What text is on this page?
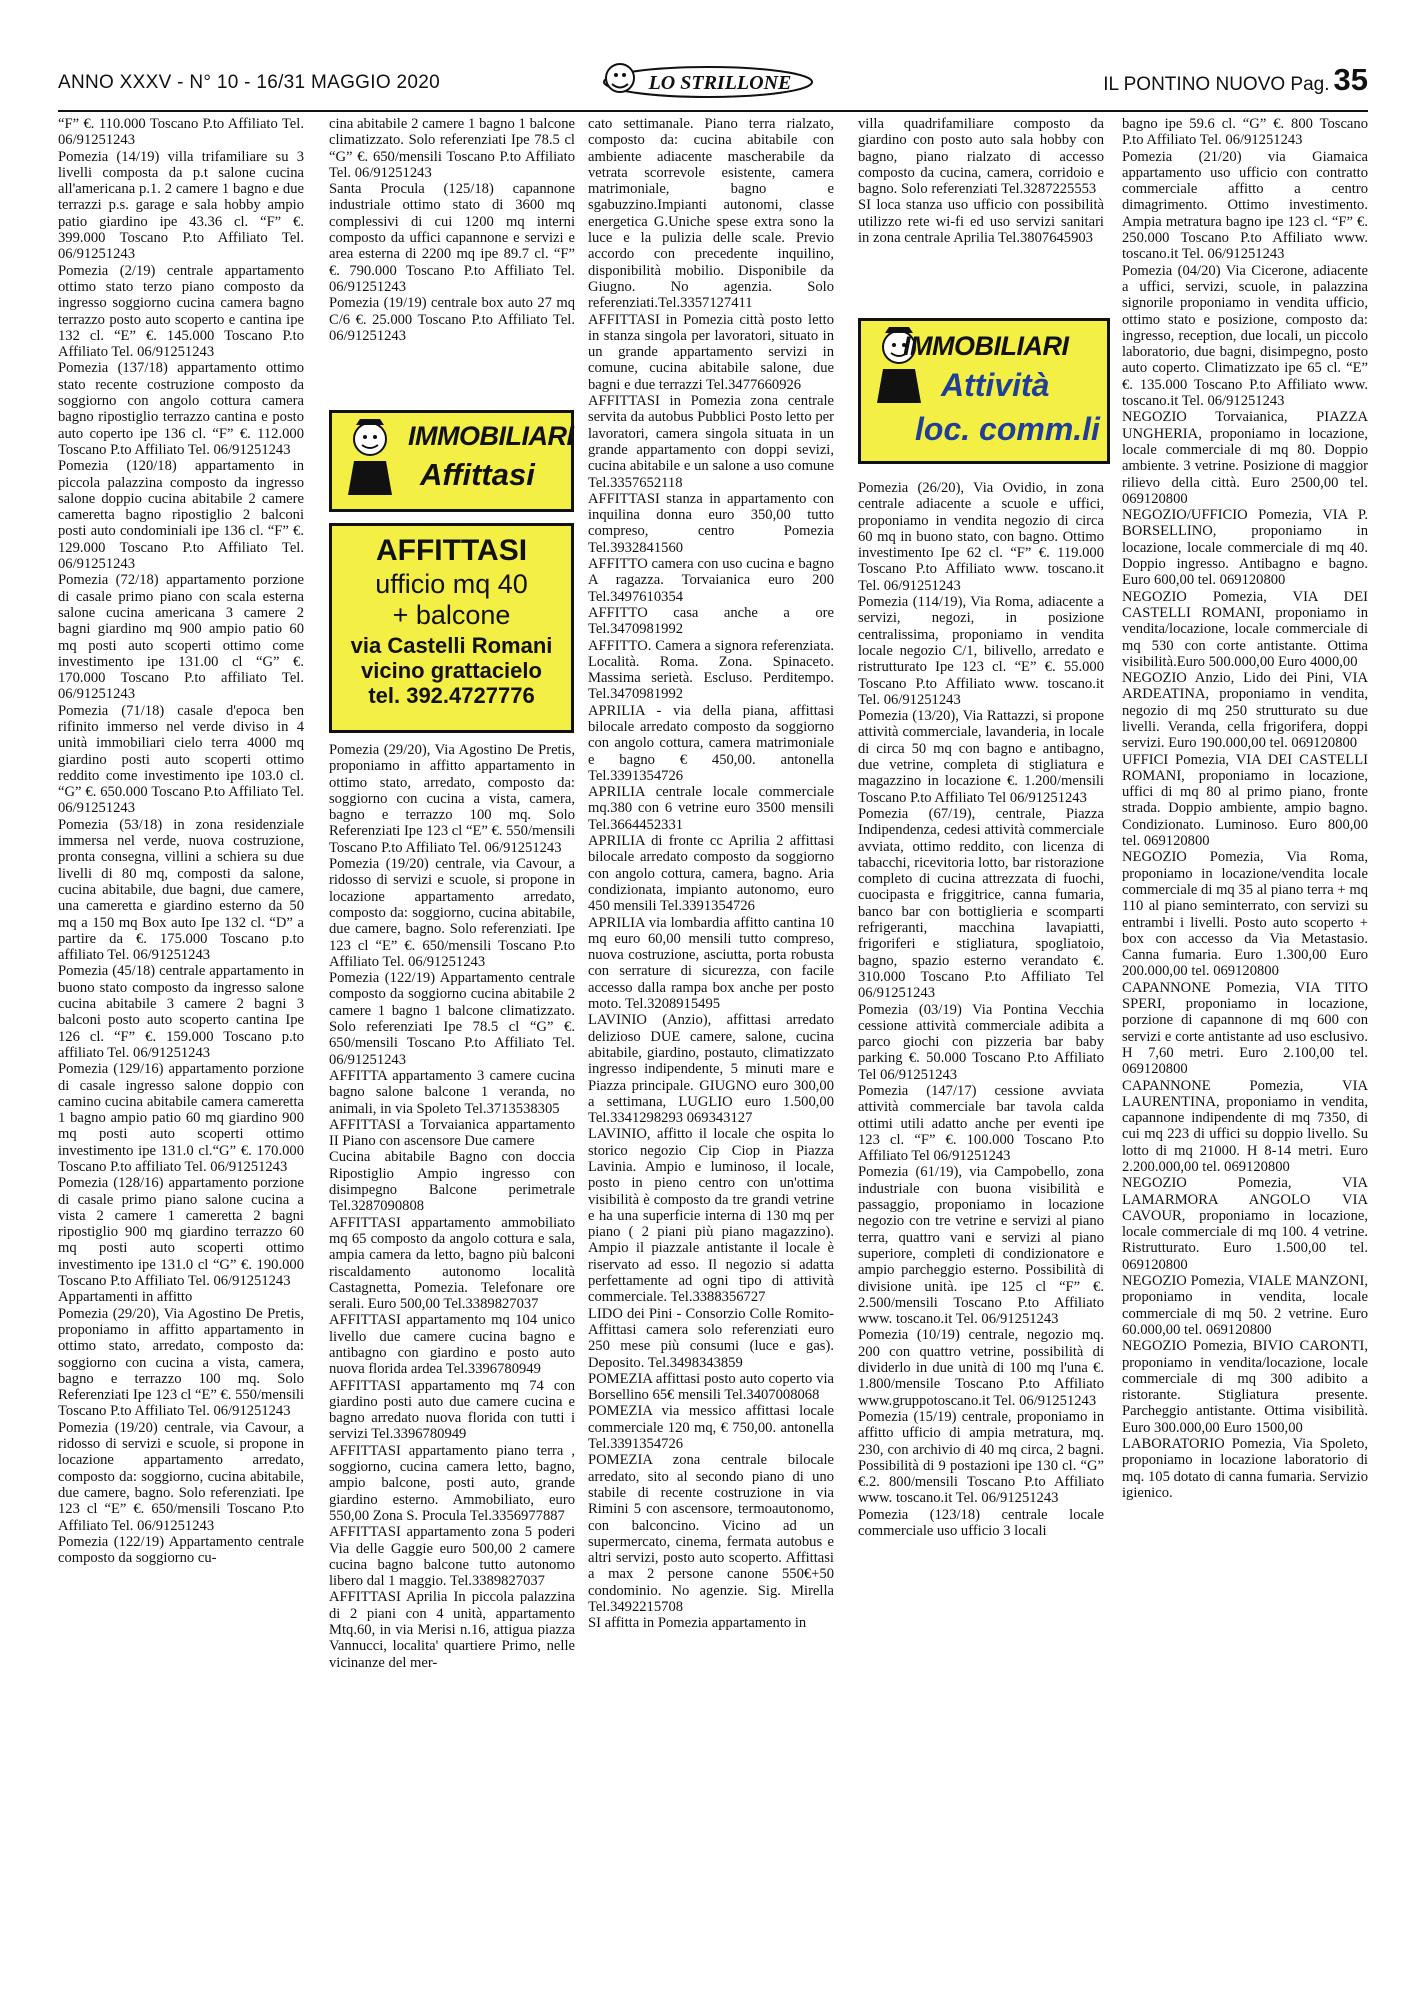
ANNO XXXV - N° 10 - 16/31 MAGGIO 2020	LO STRILLONE	IL PONTINO NUOVO Pag. 35

“F” €. 110.000 Toscano P.to Affiliato Tel. 06/91251243

Pomezia (14/19) villa trifamiliare su 3 livelli composta da p.t salone cucina all'americana p.1. 2 camere 1 bagno e due terrazzi p.s. garage e sala hobby ampio patio giardino ipe 43.36 cl. “F” €. 399.000 Toscano P.to Affiliato Tel. 06/91251243

Pomezia (2/19) centrale appartamento ottimo stato terzo piano composto da ingresso soggiorno cucina camera bagno terrazzo posto auto scoperto e cantina ipe 132 cl. “E” €. 145.000 Toscano P.to Affiliato Tel. 06/91251243

Pomezia (137/18) appartamento ottimo stato recente costruzione composto da soggiorno con angolo cottura camera bagno ripostiglio terrazzo cantina e posto auto coperto ipe 136 cl. “F” €. 112.000 Toscano P.to Affiliato Tel. 06/91251243

Pomezia (120/18) appartamento in piccola palazzina composto da ingresso salone doppio cucina abitabile 2 camere cameretta bagno ripostiglio 2 balconi posti auto condominiali ipe 136 cl. “F” €. 129.000 Toscano P.to Affiliato Tel. 06/91251243

Pomezia (72/18) appartamento porzione di casale primo piano con scala esterna salone cucina americana 3 camere 2 bagni giardino mq 900 ampio patio 60 mq posti auto scoperti ottimo come investimento ipe 131.00 cl “G” €. 170.000 Toscano P.to affiliato Tel. 06/91251243

Pomezia (71/18) casale d'epoca ben rifinito immerso nel verde diviso in 4 unità immobiliari cielo terra 4000 mq giardino posti auto scoperti ottimo reddito come investimento ipe 103.0 cl. “G” €. 650.000 Toscano P.to Affiliato Tel. 06/91251243

Pomezia (53/18) in zona residenziale immersa nel verde, nuova costruzione, pronta consegna, villini a schiera su due livelli di 80 mq, composti da salone, cucina abitabile, due bagni, due camere, una cameretta e giardino esterno da 50 mq a 150 mq Box auto Ipe 132 cl. “D” a partire da €. 175.000 Toscano p.to affiliato Tel. 06/91251243

Pomezia (45/18) centrale appartamento in buono stato composto da ingresso salone cucina abitabile 3 camere 2 bagni 3 balconi posto auto scoperto cantina Ipe 126 cl. “F” €. 159.000 Toscano p.to affiliato Tel. 06/91251243

Pomezia (129/16) appartamento porzione di casale ingresso salone doppio con camino cucina abitabile camera cameretta 1 bagno ampio patio 60 mq giardino 900 mq posti auto scoperti ottimo investimento ipe 131.0 cl.“G” €. 170.000 Toscano P.to affiliato Tel. 06/91251243

Pomezia (128/16) appartamento porzione di casale primo piano salone cucina a vista 2 camere 1 cameretta 2 bagni ripostiglio 900 mq giardino terrazzo 60 mq posti auto scoperti ottimo investimento ipe 131.0 cl “G” €. 190.000 Toscano P.to Affiliato Tel. 06/91251243

Appartamenti in affitto

Pomezia (29/20), Via Agostino De Pretis, proponiamo in affitto appartamento in ottimo stato, arredato, composto da: soggiorno con cucina a vista, camera, bagno e terrazzo 100 mq. Solo Referenziati Ipe 123 cl “E” €. 550/mensili Toscano P.to Affiliato Tel. 06/91251243

Pomezia (19/20) centrale, via Cavour, a ridosso di servizi e scuole, si propone in locazione appartamento arredato, composto da: soggiorno, cucina abitabile, due camere, bagno. Solo referenziati. Ipe 123 cl “E” €. 650/mensili Toscano P.to Affiliato Tel. 06/91251243

Pomezia (122/19) Appartamento centrale composto da soggiorno cu-

cina abitabile 2 camere 1 bagno 1 balcone climatizzato. Solo referenziati Ipe 78.5 cl “G” €. 650/mensili Toscano P.to Affiliato Tel. 06/91251243

Santa Procula (125/18) capannone industriale ottimo stato di 3600 mq complessivi di cui 1200 mq interni composto da uffici capannone e servizi e area esterna di 2200 mq ipe 89.7 cl. “F” €. 790.000 Toscano P.to Affiliato Tel. 06/91251243

Pomezia (19/19) centrale box auto 27 mq C/6 €. 25.000 Toscano P.to Affiliato Tel. 06/91251243

IMMOBILIARI
Affittasi
AFFITTASI
ufficio mq 40
+ balcone
via Castelli Romani
vicino grattacielo
tel. 392.4727776

Pomezia (29/20), Via Agostino De Pretis, proponiamo in affitto appartamento in ottimo stato, arredato, composto da: soggiorno con cucina a vista, camera, bagno e terrazzo 100 mq. Solo Referenziati Ipe 123 cl “E” €. 550/mensili Toscano P.to Affiliato Tel. 06/91251243

Pomezia (19/20) centrale, via Cavour, a ridosso di servizi e scuole, si propone in locazione appartamento arredato, composto da: soggiorno, cucina abitabile, due camere, bagno. Solo referenziati. Ipe 123 cl “E” €. 650/mensili Toscano P.to Affiliato Tel. 06/91251243

Pomezia (122/19) Appartamento centrale composto da soggiorno cucina abitabile 2 camere 1 bagno 1 balcone climatizzato. Solo referenziati Ipe 78.5 cl “G” €. 650/mensili Toscano P.to Affiliato Tel. 06/91251243

AFFITTA appartamento 3 camere cucina bagno salone balcone 1 veranda, no animali, in via Spoleto Tel.3713538305

AFFITTASI a Torvaianica appartamento II Piano con ascensore Due camere

Cucina abitabile Bagno con doccia Ripostiglio Ampio ingresso con disimpegno Balcone perimetrale Tel.3287090808

AFFITTASI appartamento ammobiliato mq 65 composto da angolo cottura e sala, ampia camera da letto, bagno più balconi riscaldamento autonomo località Castagnetta, Pomezia. Telefonare ore serali. Euro 500,00 Tel.3389827037

AFFITTASI appartamento mq 104 unico livello due camere cucina bagno e antibagno con giardino e posto auto nuova florida ardea Tel.3396780949

AFFITTASI appartamento mq 74 con giardino posti auto due camere cucina e bagno arredato nuova florida con tutti i servizi Tel.3396780949

AFFITTASI appartamento piano terra , soggiorno, cucina camera letto, bagno, ampio balcone, posti auto, grande giardino esterno. Ammobiliato, euro 550,00 Zona S. Procula Tel.3356977887

AFFITTASI appartamento zona 5 poderi Via delle Gaggie euro 500,00 2 camere cucina bagno balcone tutto autonomo libero dal 1 maggio. Tel.3389827037

AFFITTASI Aprilia In piccola palazzina di 2 piani con 4 unità, appartamento Mtq.60, in via Merisi n.16, attigua piazza Vannucci, localita' quartiere Primo, nelle vicinanze del mer-

cato settimanale. Piano terra rialzato, composto da: cucina abitabile con ambiente adiacente mascherabile da vetrata scorrevole esistente, camera matrimoniale, bagno e sgabuzzino.Impianti autonomi, classe energetica G.Uniche spese extra sono la luce e la pulizia delle scale. Previo accordo con precedente inquilino, disponibilità mobilio. Disponibile da Giugno. No agenzia. Solo referenziati.Tel.3357127411

AFFITTASI in Pomezia città posto letto in stanza singola per lavoratori, situato in un grande appartamento servizi in comune, cucina abitabile salone, due bagni e due terrazzi Tel.3477660926

AFFITTASI in Pomezia zona centrale servita da autobus Pubblici Posto letto per lavoratori, camera singola situata in un grande appartamento con doppi sevizi, cucina abitabile e un salone a uso comune Tel.3357652118

AFFITTASI stanza in appartamento con inquilina donna euro 350,00 tutto compreso, centro Pomezia Tel.3932841560

AFFITTO camera con uso cucina e bagno A ragazza. Torvaianica euro 200 Tel.3497610354

AFFITTO casa anche a ore Tel.3470981992

AFFITTO. Camera a signora referenziata. Località. Roma. Zona. Spinaceto. Massima serietà. Escluso. Perditempo. Tel.3470981992

APRILIA - via della piana, affittasi bilocale arredato composto da soggiorno con angolo cottura, camera matrimoniale e bagno € 450,00. antonella Tel.3391354726

APRILIA centrale locale commerciale mq.380 con 6 vetrine euro 3500 mensili Tel.3664452331

APRILIA di fronte cc Aprilia 2 affittasi bilocale arredato composto da soggiorno con angolo cottura, camera, bagno. Aria condizionata, impianto autonomo, euro 450 mensili Tel.3391354726

APRILIA via lombardia affitto cantina 10 mq euro 60,00 mensili tutto compreso, nuova costruzione, asciutta, porta robusta con serrature di sicurezza, con facile accesso dalla rampa box anche per posto moto. Tel.3208915495

LAVINIO (Anzio), affittasi arredato delizioso DUE camere, salone, cucina abitabile, giardino, postauto, climatizzato ingresso indipendente, 5 minuti mare e Piazza principale. GIUGNO euro 300,00 a settimana, LUGLIO euro 1.500,00 Tel.3341298293 069343127

LAVINIO, affitto il locale che ospita lo storico negozio Cip Ciop in Piazza Lavinia. Ampio e luminoso, il locale, posto in pieno centro con un'ottima visibilità è composto da tre grandi vetrine e ha una superficie interna di 130 mq per piano ( 2 piani più piano magazzino). Ampio il piazzale antistante il locale è riservato ad esso. Il negozio si adatta perfettamente ad ogni tipo di attività commerciale. Tel.3388356727

LIDO dei Pini - Consorzio Colle Romito- Affittasi camera solo referenziati euro 250 mese più consumi (luce e gas). Deposito. Tel.3498343859

POMEZIA affittasi posto auto coperto via Borsellino 65€ mensili Tel.3407008068

POMEZIA via messico affittasi locale commerciale 120 mq, € 750,00. antonella Tel.3391354726

POMEZIA zona centrale bilocale arredato, sito al secondo piano di uno stabile di recente costruzione in via Rimini 5 con ascensore, termoautonomo, con balconcino. Vicino ad un supermercato, cinema, fermata autobus e altri servizi, posto auto scoperto. Affittasi a max 2 persone canone 550€+50 condominio. No agenzie. Sig. Mirella Tel.3492215708

SI affitta in Pomezia appartamento in

villa quadrifamiliare composto da giardino con posto auto sala hobby con bagno, piano rialzato di accesso composto da cucina, camera, corridoio e bagno. Solo referenziati Tel.3287225553

SI loca stanza uso ufficio con possibilità utilizzo rete wi-fi ed uso servizi sanitari in zona centrale Aprilia Tel.3807645903

IMMOBILIARI
Attività
loc. comm.li

Pomezia (26/20), Via Ovidio, in zona centrale adiacente a scuole e uffici, proponiamo in vendita negozio di circa 60 mq in buono stato, con bagno. Ottimo investimento Ipe 62 cl. “F” €. 119.000 Toscano P.to Affiliato www. toscano.it Tel. 06/91251243

Pomezia (114/19), Via Roma, adiacente a servizi, negozi, in posizione centralissima, proponiamo in vendita locale negozio C/1, bilivello, arredato e ristrutturato Ipe 123 cl. “E” €. 55.000 Toscano P.to Affiliato www. toscano.it Tel. 06/91251243

Pomezia (13/20), Via Rattazzi, si propone attività commerciale, lavanderia, in locale di circa 50 mq con bagno e antibagno, due vetrine, completa di stigliatura e magazzino in locazione €. 1.200/mensili Toscano P.to Affiliato Tel 06/91251243

Pomezia (67/19), centrale, Piazza Indipendenza, cedesi attività commerciale avviata, ottimo reddito, con licenza di tabacchi, ricevitoria lotto, bar ristorazione completo di cucina attrezzata di fuochi, cuocipasta e friggitrice, canna fumaria, banco bar con bottiglieria e scomparti refrigeranti, macchina lavapiatti, frigoriferi e stigliatura, spogliatoio, bagno, spazio esterno verandato €. 310.000 Toscano P.to Affiliato Tel 06/91251243

Pomezia (03/19) Via Pontina Vecchia cessione attività commerciale adibita a parco giochi con pizzeria bar baby parking €. 50.000 Toscano P.to Affiliato Tel 06/91251243

Pomezia (147/17) cessione avviata attività commerciale bar tavola calda ottimi utili adatto anche per eventi ipe 123 cl. “F” €. 100.000 Toscano P.to Affiliato Tel 06/91251243

Pomezia (61/19), via Campobello, zona industriale con buona visibilità e passaggio, proponiamo in locazione negozio con tre vetrine e servizi al piano terra, quattro vani e servizi al piano superiore, completi di condizionatore e ampio parcheggio esterno. Possibilità di divisione unità. ipe 125 cl “F” €. 2.500/mensili Toscano P.to Affiliato www. toscano.it Tel. 06/91251243

Pomezia (10/19) centrale, negozio mq. 200 con quattro vetrine, possibilità di dividerlo in due unità di 100 mq l'una €. 1.800/mensile Toscano P.to Affiliato www.gruppotoscano.it Tel. 06/91251243

Pomezia (15/19) centrale, proponiamo in affitto ufficio di ampia metratura, mq. 230, con archivio di 40 mq circa, 2 bagni. Possibilità di 9 postazioni ipe 130 cl. “G” €.2. 800/mensili Toscano P.to Affiliato www. toscano.it Tel. 06/91251243

Pomezia (123/18) centrale locale commerciale uso ufficio 3 locali

bagno ipe 59.6 cl. “G” €. 800 Toscano P.to Affiliato Tel. 06/91251243

Pomezia (21/20) via Giamaica appartamento uso ufficio con contratto commerciale affitto a centro dimagrimento. Ottimo investimento. Ampia metratura bagno ipe 123 cl. “F” €. 250.000 Toscano P.to Affiliato www. toscano.it Tel. 06/91251243

Pomezia (04/20) Via Cicerone, adiacente a uffici, servizi, scuole, in palazzina signorile proponiamo in vendita ufficio, ottimo stato e posizione, composto da: ingresso, reception, due locali, un piccolo laboratorio, due bagni, disimpegno, posto auto coperto. Climatizzato ipe 65 cl. “E” €. 135.000 Toscano P.to Affiliato www. toscano.it Tel. 06/91251243

NEGOZIO Torvaianica, PIAZZA UNGHERIA, proponiamo in locazione, locale commerciale di mq 80. Doppio ambiente. 3 vetrine. Posizione di maggior rilievo della città. Euro 2500,00 tel. 069120800

NEGOZIO/UFFICIO Pomezia, VIA P. BORSELLINO, proponiamo in locazione, locale commerciale di mq 40. Doppio ingresso. Antibagno e bagno. Euro 600,00 tel. 069120800

NEGOZIO Pomezia, VIA DEI CASTELLI ROMANI, proponiamo in vendita/locazione, locale commerciale di mq 530 con corte antistante. Ottima visibilità.Euro 500.000,00 Euro 4000,00

NEGOZIO Anzio, Lido dei Pini, VIA ARDEATINA, proponiamo in vendita, negozio di mq 250 strutturato su due livelli. Veranda, cella frigorifera, doppi servizi. Euro 190.000,00 tel. 069120800

UFFICI Pomezia, VIA DEI CASTELLI ROMANI, proponiamo in locazione, uffici di mq 80 al primo piano, fronte strada. Doppio ambiente, ampio bagno. Condizionato. Luminoso. Euro 800,00 tel. 069120800

NEGOZIO Pomezia, Via Roma, proponiamo in locazione/vendita locale commerciale di mq 35 al piano terra + mq 110 al piano seminterrato, con servizi su entrambi i livelli. Posto auto scoperto + box con accesso da Via Metastasio. Canna fumaria. Euro 1.300,00 Euro 200.000,00 tel. 069120800

CAPANNONE Pomezia, VIA TITO SPERI, proponiamo in locazione, porzione di capannone di mq 600 con servizi e corte antistante ad uso esclusivo. H 7,60 metri. Euro 2.100,00 tel. 069120800

CAPANNONE Pomezia, VIA LAURENTINA, proponiamo in vendita, capannone indipendente di mq 7350, di cui mq 223 di uffici su doppio livello. Su lotto di mq 21000. H 8-14 metri. Euro 2.200.000,00 tel. 069120800

NEGOZIO Pomezia, VIA LAMARMORA ANGOLO VIA CAVOUR, proponiamo in locazione, locale commerciale di mq 100. 4 vetrine. Ristrutturato. Euro 1.500,00 tel. 069120800

NEGOZIO Pomezia, VIALE MANZONI, proponiamo in vendita, locale commerciale di mq 50. 2 vetrine. Euro 60.000,00 tel. 069120800

NEGOZIO Pomezia, BIVIO CARONTI, proponiamo in vendita/locazione, locale commerciale di mq 300 adibito a ristorante. Stigliatura presente. Parcheggio antistante. Ottima visibilità. Euro 300.000,00 Euro 1500,00

LABORATORIO Pomezia, Via Spoleto, proponiamo in locazione laboratorio di mq. 105 dotato di canna fumaria. Servizio igienico.
